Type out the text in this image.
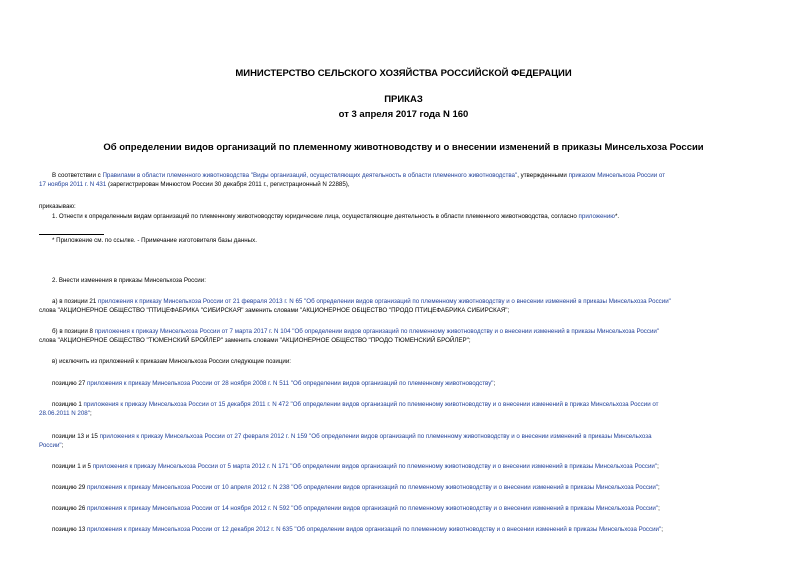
МИНИСТЕРСТВО СЕЛЬСКОГО ХОЗЯЙСТВА РОССИЙСКОЙ ФЕДЕРАЦИИ
ПРИКАЗ
от 3 апреля 2017 года N 160
Об определении видов организаций по племенному животноводству и о внесении изменений в приказы Минсельхоза России
В соответствии с Правилами в области племенного животноводства "Виды организаций, осуществляющих деятельность в области племенного животноводства", утвержденными приказом Минсельхоза России от
17 ноября 2011 г. N 431 (зарегистрирован Минюстом России 30 декабря 2011 г., регистрационный N 22885),
приказываю:
1. Отнести к определенным видам организаций по племенному животноводству юридические лица, осуществляющие деятельность в области племенного животноводства, согласно приложению*.
* Приложение см. по ссылке. - Примечание изготовителя базы данных.
2. Внести изменения в приказы Минсельхоза России:
а) в позиции 21 приложения к приказу Минсельхоза России от 21 февраля 2013 г. N 65 "Об определении видов организаций по племенному животноводству и о внесении изменений в приказы Минсельхоза России"
слова "АКЦИОНЕРНОЕ ОБЩЕСТВО "ПТИЦЕФАБРИКА "СИБИРСКАЯ" заменить словами "АКЦИОНЕРНОЕ ОБЩЕСТВО "ПРОДО ПТИЦЕФАБРИКА СИБИРСКАЯ";
б) в позиции 8 приложения к приказу Минсельхоза России от 7 марта 2017 г. N 104 "Об определении видов организаций по племенному животноводству и о внесении изменений в приказы Минсельхоза России"
слова "АКЦИОНЕРНОЕ ОБЩЕСТВО "ТЮМЕНСКИЙ БРОЙЛЕР" заменить словами "АКЦИОНЕРНОЕ ОБЩЕСТВО "ПРОДО ТЮМЕНСКИЙ БРОЙЛЕР";
в) исключить из приложений к приказам Минсельхоза России следующие позиции:
позицию 27 приложения к приказу Минсельхоза России от 28 ноября 2008 г. N 511 "Об определении видов организаций по племенному животноводству";
позицию 1 приложения к приказу Минсельхоза России от 15 декабря 2011 г. N 472 "Об определении видов организаций по племенному животноводству и о внесении изменений в приказ Минсельхоза России от
28.06.2011 N 208";
позиции 13 и 15 приложения к приказу Минсельхоза России от 27 февраля 2012 г. N 159 "Об определении видов организаций по племенному животноводству и о внесении изменений в приказы Минсельхоза
России";
позиции 1 и 5 приложения к приказу Минсельхоза России от 5 марта 2012 г. N 171 "Об определении видов организаций по племенному животноводству и о внесении изменений в приказы Минсельхоза России";
позицию 29 приложения к приказу Минсельхоза России от 10 апреля 2012 г. N 238 "Об определении видов организаций по племенному животноводству и о внесении изменений в приказы Минсельхоза России";
позицию 26 приложения к приказу Минсельхоза России от 14 ноября 2012 г. N 592 "Об определении видов организаций по племенному животноводству и о внесении изменений в приказы Минсельхоза России";
позицию 13 приложения к приказу Минсельхоза России от 12 декабря 2012 г. N 635 "Об определении видов организаций по племенному животноводству и о внесении изменений в приказы Минсельхоза России";
